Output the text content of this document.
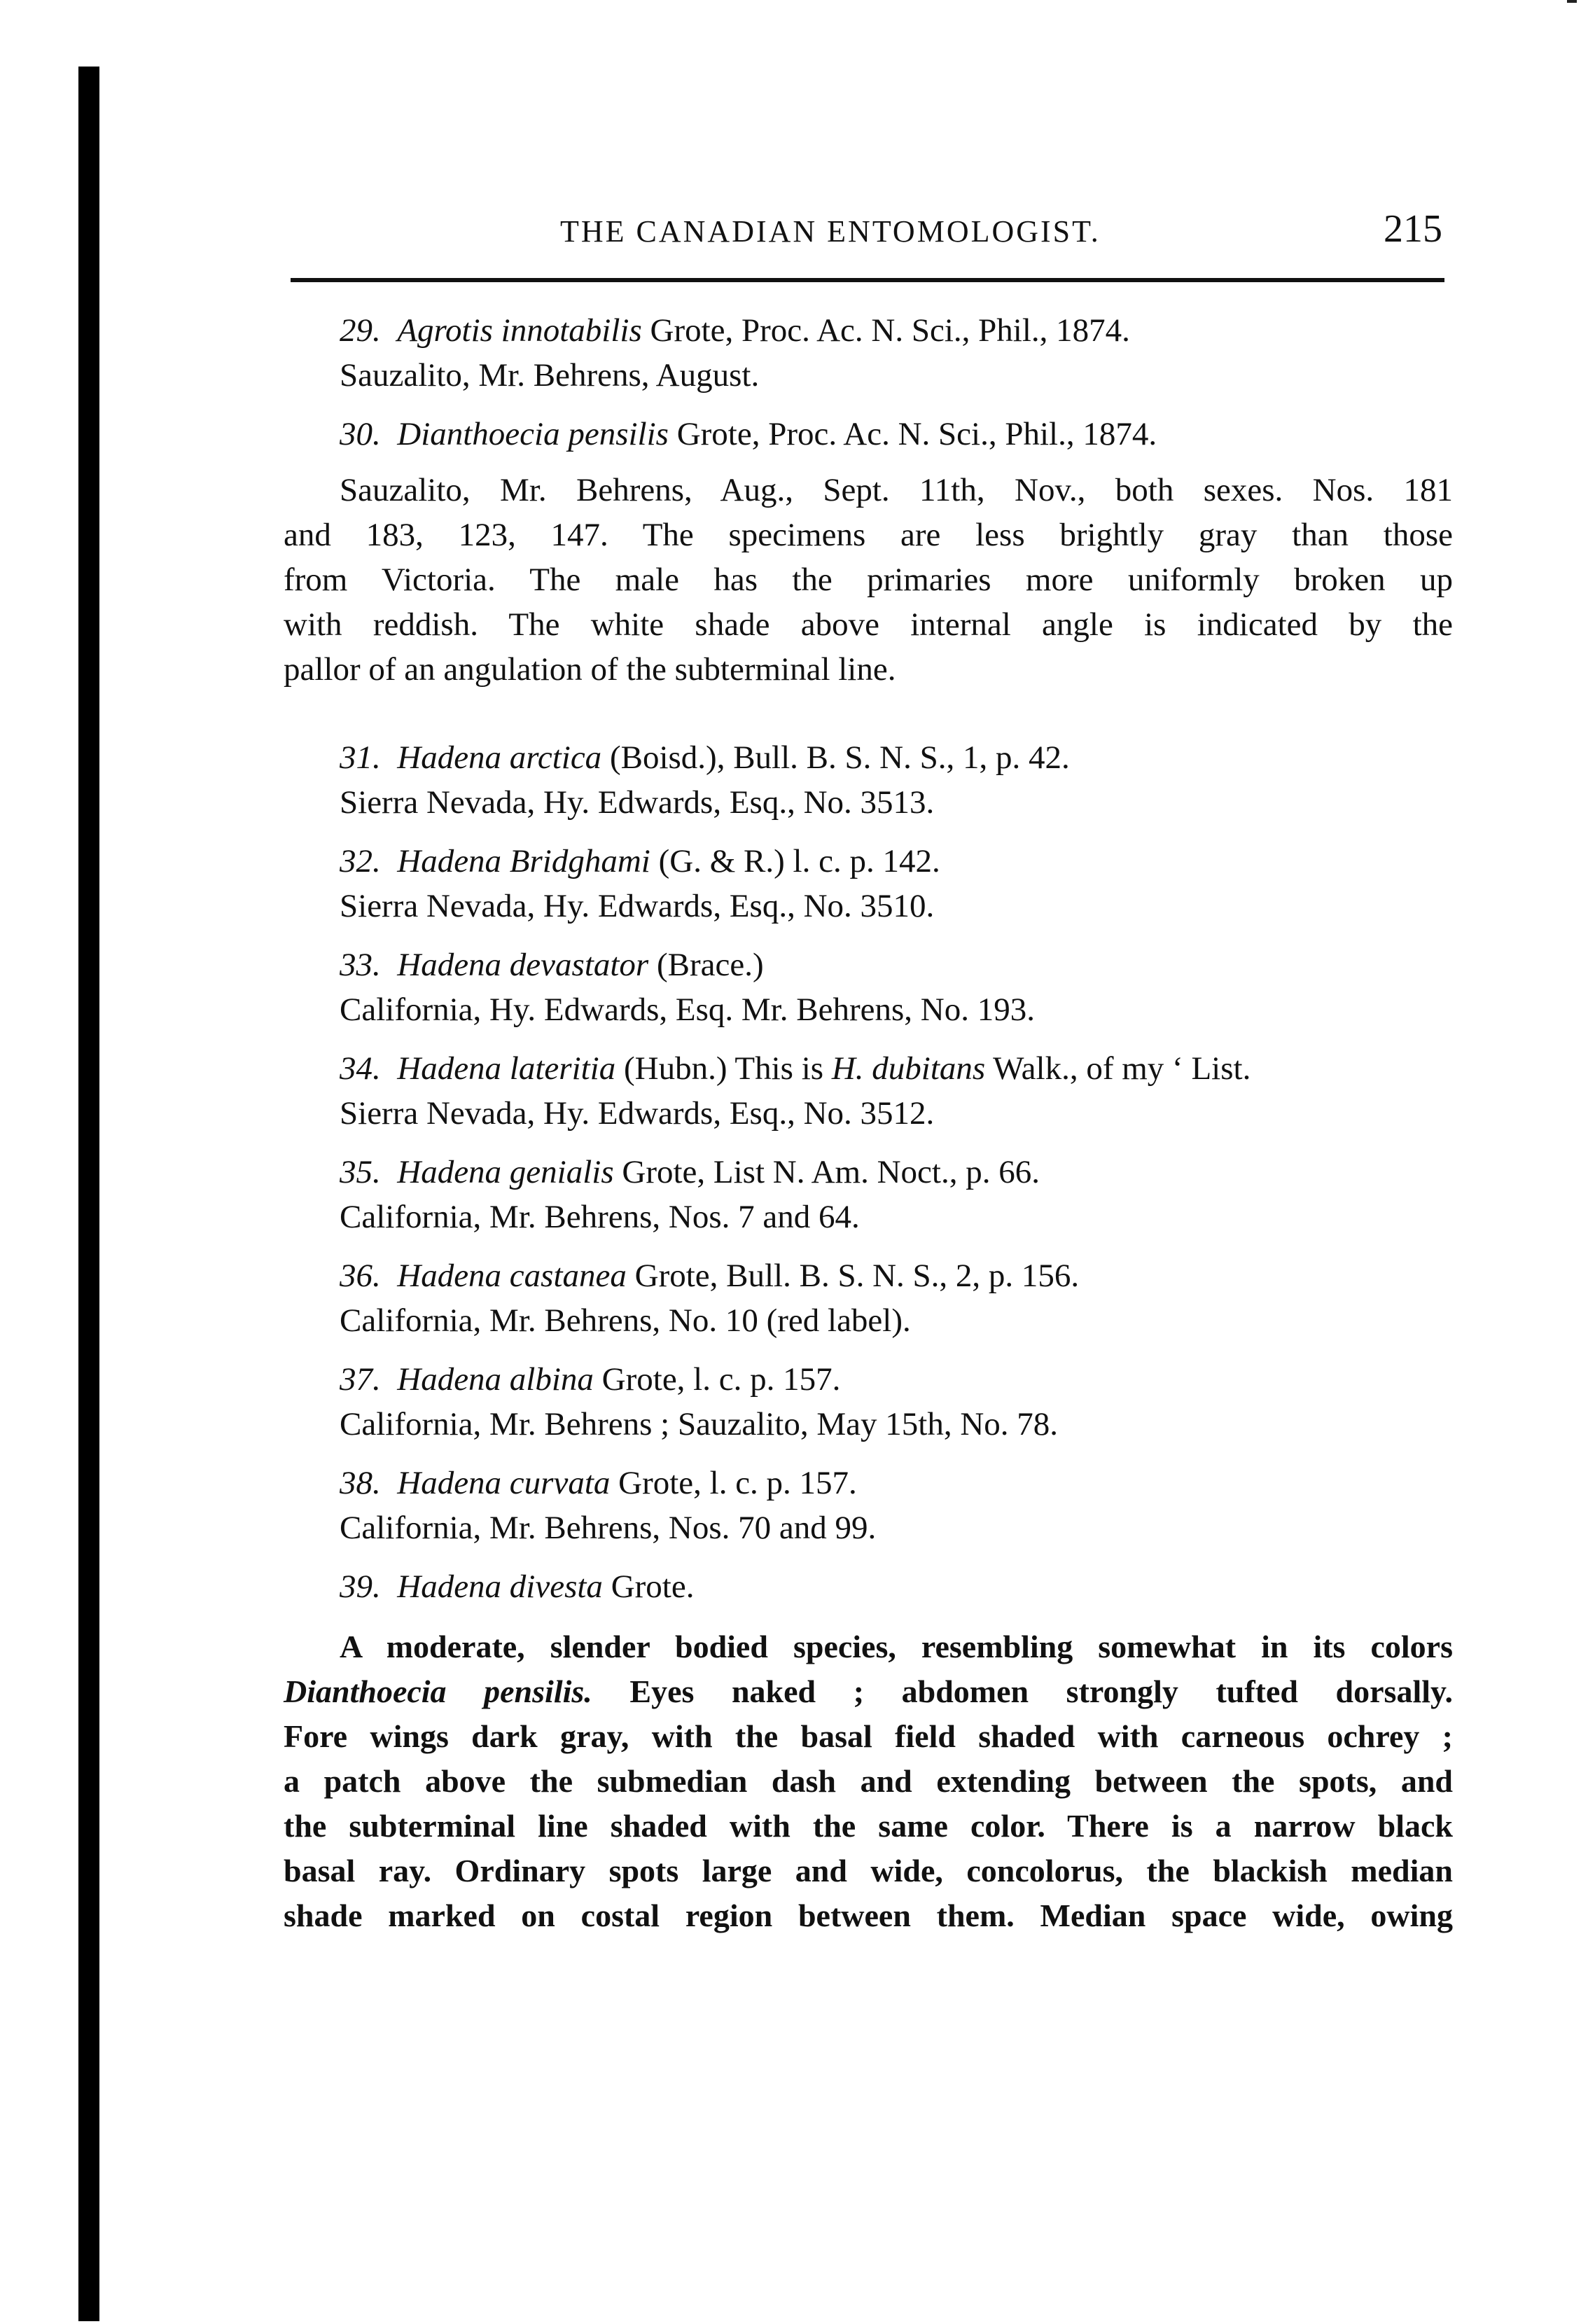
THE CANADIAN ENTOMOLOGIST.	215
29. Agrotis innotabilis Grote, Proc. Ac. N. Sci., Phil., 1874.
Sauzalito, Mr. Behrens, August.
30. Dianthoecia pensilis Grote, Proc. Ac. N. Sci., Phil., 1874.
Sauzalito, Mr. Behrens, Aug., Sept. 11th, Nov., both sexes. Nos. 181
and 183, 123, 147. The specimens are less brightly gray than those
from Victoria. The male has the primaries more uniformly broken up
with reddish. The white shade above internal angle is indicated by the
pallor of an angulation of the subterminal line.
31. Hadena arctica (Boisd.), Bull. B. S. N. S., 1, p. 42.
Sierra Nevada, Hy. Edwards, Esq., No. 3513.
32. Hadena Bridghami (G. & R.) l. c. p. 142.
Sierra Nevada, Hy. Edwards, Esq., No. 3510.
33. Hadena devastator (Brace.)
California, Hy. Edwards, Esq. Mr. Behrens, No. 193.
34. Hadena lateritia (Hubn.) This is H. dubitans Walk., of my ‘ List.
Sierra Nevada, Hy. Edwards, Esq., No. 3512.
35. Hadena genialis Grote, List N. Am. Noct., p. 66.
California, Mr. Behrens, Nos. 7 and 64.
36. Hadena castanea Grote, Bull. B. S. N. S., 2, p. 156.
California, Mr. Behrens, No. 10 (red label).
37. Hadena albina Grote, l. c. p. 157.
California, Mr. Behrens ; Sauzalito, May 15th, No. 78.
38. Hadena curvata Grote, l. c. p. 157.
California, Mr. Behrens, Nos. 70 and 99.
39. Hadena divesta Grote.
A moderate, slender bodied species, resembling somewhat in its colors
Dianthoecia pensilis. Eyes naked ; abdomen strongly tufted dorsally.
Fore wings dark gray, with the basal field shaded with carneous ochrey ;
a patch above the submedian dash and extending between the spots, and
the subterminal line shaded with the same color. There is a narrow black
basal ray. Ordinary spots large and wide, concolorus, the blackish median
shade marked on costal region between them. Median space wide, owing
